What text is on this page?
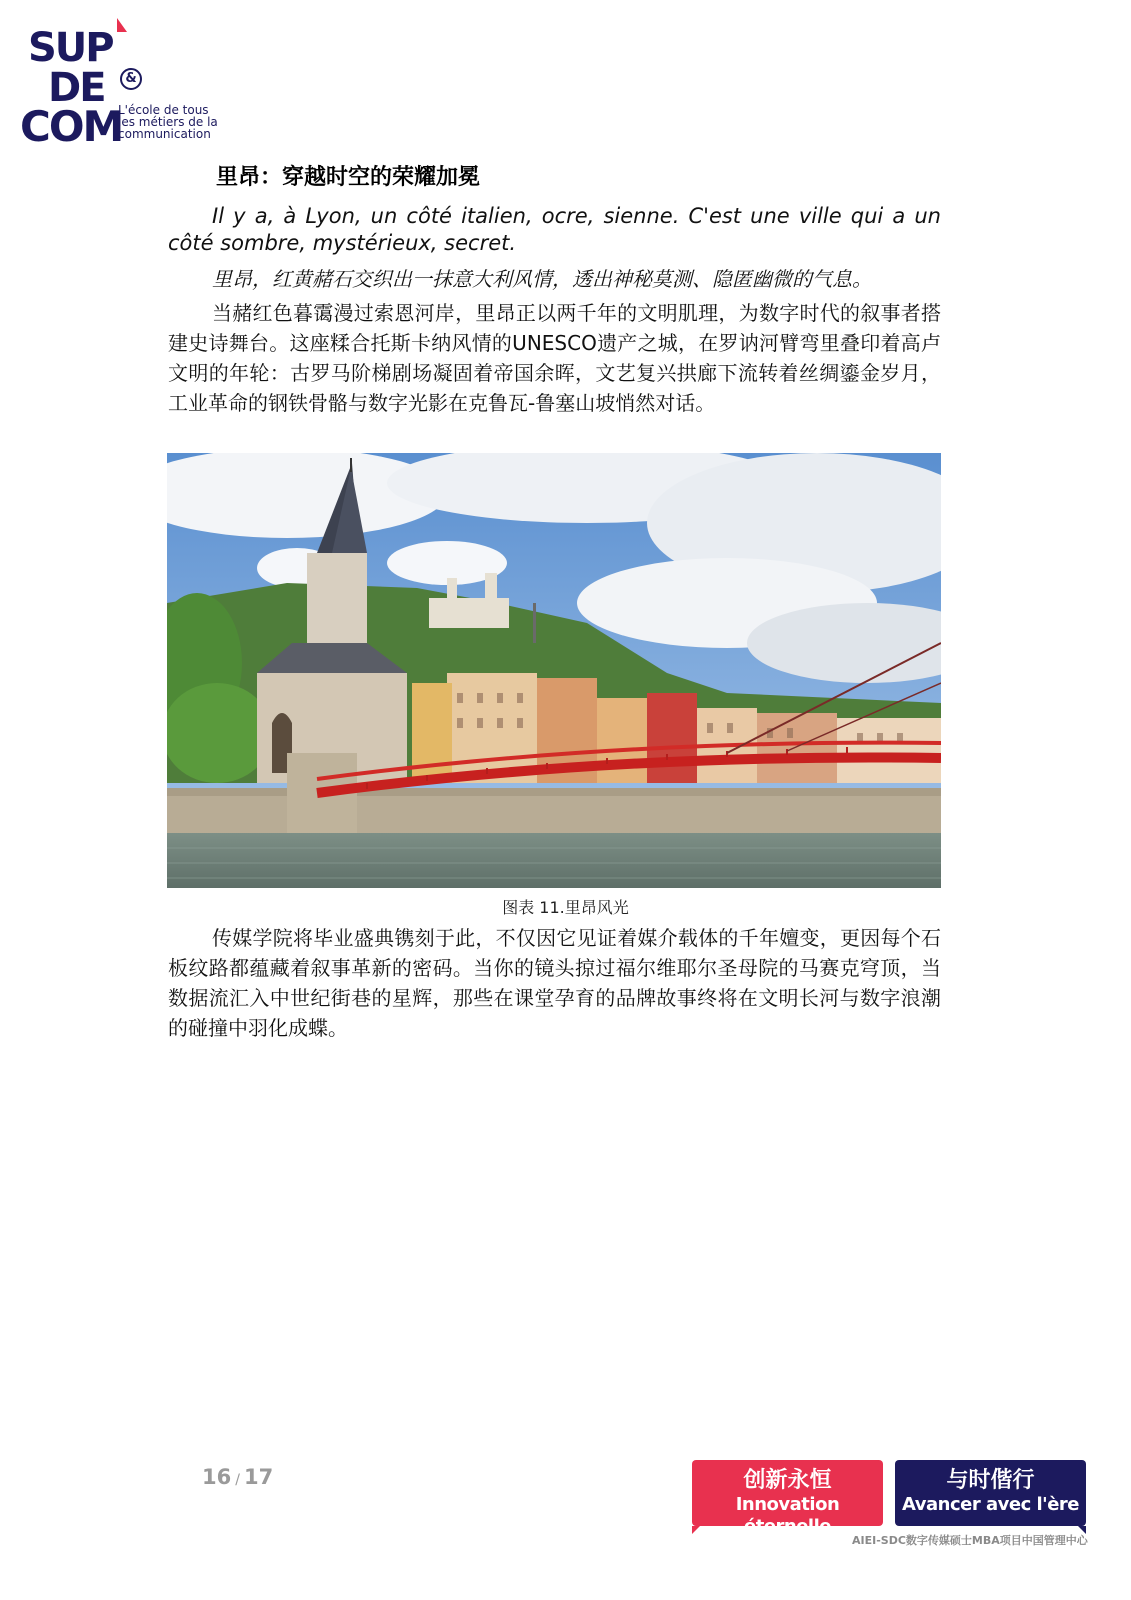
SUP
DE	&
COM
L'école de tous
les métiers de la
communication
里昂：穿越时空的荣耀加冕

Il y a, à Lyon, un côté italien, ocre, sienne. C'est une ville qui a un côté sombre, mystérieux, secret.

里昂，红黄赭石交织出一抹意大利风情，透出神秘莫测、隐匿幽微的气息。

当赭红色暮霭漫过索恩河岸，里昂正以两千年的文明肌理，为数字时代的叙事者搭建史诗舞台。这座糅合托斯卡纳风情的UNESCO遗产之城，在罗讷河臂弯里叠印着高卢文明的年轮：古罗马阶梯剧场凝固着帝国余晖，文艺复兴拱廊下流转着丝绸鎏金岁月，工业革命的钢铁骨骼与数字光影在克鲁瓦-鲁塞山坡悄然对话。

图表 11.里昂风光

传媒学院将毕业盛典镌刻于此，不仅因它见证着媒介载体的千年嬗变，更因每个石板纹路都蕴藏着叙事革新的密码。当你的镜头掠过福尔维耶尔圣母院的马赛克穹顶，当数据流汇入中世纪街巷的星辉，那些在课堂孕育的品牌故事终将在文明长河与数字浪潮的碰撞中羽化成蝶。

16 / 17	创新永恒
Innovation éternelle
与时偕行
Avancer avec l'ère
AIEI-SDC数字传媒硕士MBA项目中国管理中心
